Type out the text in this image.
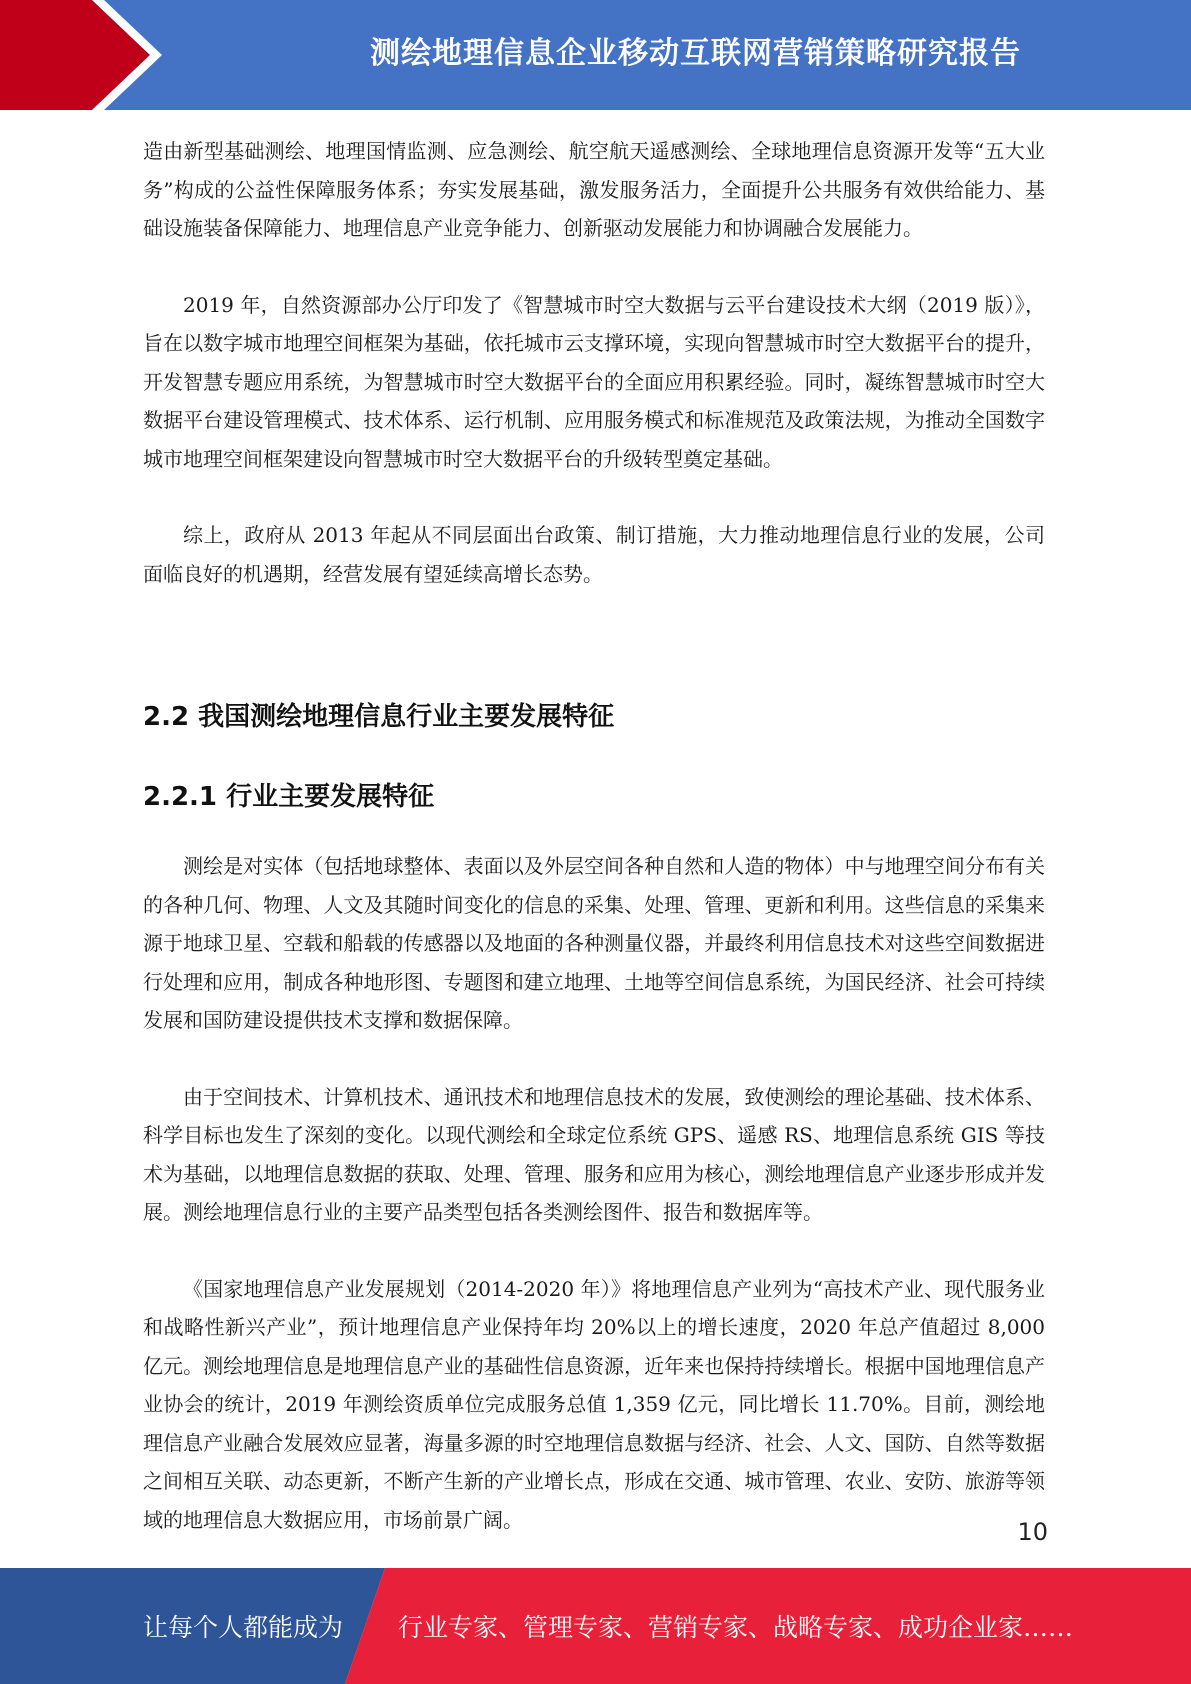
测绘地理信息企业移动互联网营销策略研究报告

造由新型基础测绘、地理国情监测、应急测绘、航空航天遥感测绘、全球地理信息资源开发等“五大业务”构成的公益性保障服务体系；夯实发展基础，激发服务活力，全面提升公共服务有效供给能力、基础设施装备保障能力、地理信息产业竞争能力、创新驱动发展能力和协调融合发展能力。

2019 年，自然资源部办公厅印发了《智慧城市时空大数据与云平台建设技术大纲（2019 版）》，旨在以数字城市地理空间框架为基础，依托城市云支撑环境，实现向智慧城市时空大数据平台的提升，开发智慧专题应用系统，为智慧城市时空大数据平台的全面应用积累经验。同时，凝练智慧城市时空大数据平台建设管理模式、技术体系、运行机制、应用服务模式和标准规范及政策法规，为推动全国数字城市地理空间框架建设向智慧城市时空大数据平台的升级转型奠定基础。

综上，政府从 2013 年起从不同层面出台政策、制订措施，大力推动地理信息行业的发展，公司面临良好的机遇期，经营发展有望延续高增长态势。

2.2 我国测绘地理信息行业主要发展特征
2.2.1 行业主要发展特征

测绘是对实体（包括地球整体、表面以及外层空间各种自然和人造的物体）中与地理空间分布有关的各种几何、物理、人文及其随时间变化的信息的采集、处理、管理、更新和利用。这些信息的采集来源于地球卫星、空载和船载的传感器以及地面的各种测量仪器，并最终利用信息技术对这些空间数据进行处理和应用，制成各种地形图、专题图和建立地理、土地等空间信息系统，为国民经济、社会可持续发展和国防建设提供技术支撑和数据保障。

由于空间技术、计算机技术、通讯技术和地理信息技术的发展，致使测绘的理论基础、技术体系、科学目标也发生了深刻的变化。以现代测绘和全球定位系统 GPS、遥感 RS、地理信息系统 GIS 等技术为基础，以地理信息数据的获取、处理、管理、服务和应用为核心，测绘地理信息产业逐步形成并发展。测绘地理信息行业的主要产品类型包括各类测绘图件、报告和数据库等。

《国家地理信息产业发展规划（2014-2020 年）》将地理信息产业列为“高技术产业、现代服务业和战略性新兴产业”，预计地理信息产业保持年均 20%以上的增长速度，2020 年总产值超过 8,000 亿元。测绘地理信息是地理信息产业的基础性信息资源，近年来也保持持续增长。根据中国地理信息产业协会的统计，2019 年测绘资质单位完成服务总值 1,359 亿元，同比增长 11.70%。目前，测绘地理信息产业融合发展效应显著，海量多源的时空地理信息数据与经济、社会、人文、国防、自然等数据之间相互关联、动态更新，不断产生新的产业增长点，形成在交通、城市管理、农业、安防、旅游等领域的地理信息大数据应用，市场前景广阔。	10
让每个人都能成为 行业专家、管理专家、营销专家、战略专家、成功企业家……
